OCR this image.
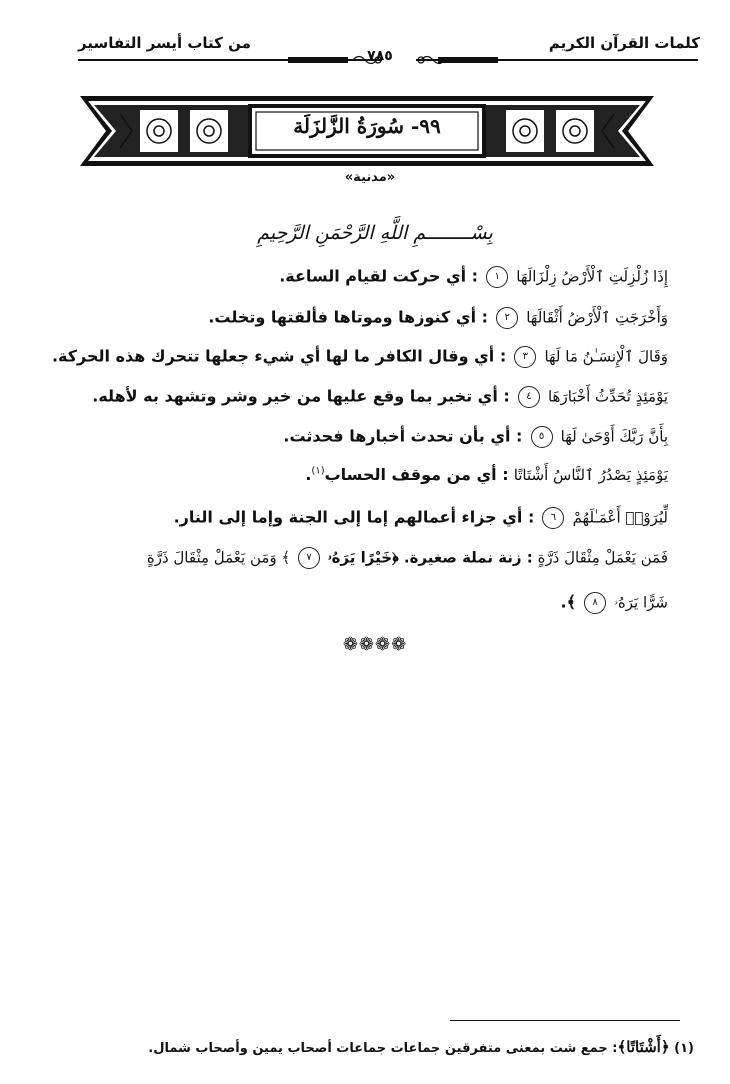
كلمات القرآن الكريم
من كتاب أيسر التفاسير
٧٨٥
٩٩- سُورَةُ الزَّلزَلَة
«مدنية»
بِسْــــــــمِ اللَّهِ الرَّحْمَنِ الرَّحِيمِ
إِذَا زُلْزِلَتِ ٱلْأَرْضُ زِلْزَالَهَا ١ : أي حركت لقيام الساعة.
وَأَخْرَجَتِ ٱلْأَرْضُ أَثْقَالَهَا ٢ : أي كنوزها وموتاها فألقتها وتخلت.
وَقَالَ ٱلْإِنسَـٰنُ مَا لَهَا ٣ : أي وقال الكافر ما لها أي شيء جعلها تتحرك هذه الحركة.
يَوْمَئِذٍ تُحَدِّثُ أَخْبَارَهَا ٤ : أي تخبر بما وقع عليها من خير وشر وتشهد به لأهله.
بِأَنَّ رَبَّكَ أَوْحَىٰ لَهَا ٥ : أي بأن تحدث أخبارها فحدثت.
يَوْمَئِذٍ يَصْدُرُ ٱلنَّاسُ أَشْتَاتًا : أي من موقف الحساب$^{(١)}$.
لِّيُرَوْا۟ أَعْمَـٰلَهُمْ ٦ : أي جزاء أعمالهم إما إلى الجنة وإما إلى النار.
فَمَن يَعْمَلْ مِثْقَالَ ذَرَّةٍ : زنة نملة صغيرة. ﴿خَيْرًا يَرَهُۥ ٧ ﴾ وَمَن يَعْمَلْ مِثْقَالَ ذَرَّةٍ
شَرًّا يَرَهُۥ ٨ ﴾.
❁❁❁❁
(١) ﴿أَشْتَاتًا﴾: جمع شت بمعنى متفرقين جماعات جماعات أصحاب يمين وأصحاب شمال.
